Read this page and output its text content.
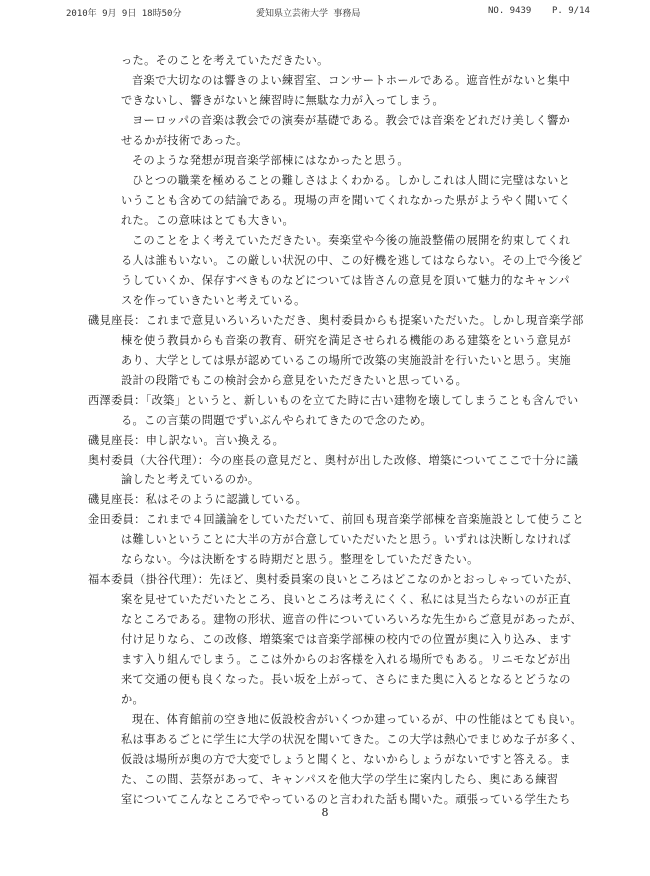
2010年 9月 9日 18時50分	愛知県立芸術大学 事務局	NO. 9439 P. 9/14
った。そのことを考えていただきたい。
音楽で大切なのは響きのよい練習室、コンサートホールである。遮音性がないと集中
できないし、響きがないと練習時に無駄な力が入ってしまう。
ヨーロッパの音楽は教会での演奏が基礎である。教会では音楽をどれだけ美しく響か
せるかが技術であった。
そのような発想が現音楽学部棟にはなかったと思う。
ひとつの職業を極めることの難しさはよくわかる。しかしこれは人間に完璧はないと
いうことも含めての結論である。現場の声を聞いてくれなかった県がようやく聞いてく
れた。この意味はとても大きい。
このことをよく考えていただきたい。奏楽堂や今後の施設整備の展開を約束してくれ
る人は誰もいない。この厳しい状況の中、この好機を逃してはならない。その上で今後ど
うしていくか、保存すべきものなどについては皆さんの意見を頂いて魅力的なキャンパ
スを作っていきたいと考えている。
磯見座長：これまで意見いろいろいただき、奥村委員からも提案いただいた。しかし現音楽学部
棟を使う教員からも音楽の教育、研究を満足させられる機能のある建築をという意見が
あり、大学としては県が認めているこの場所で改築の実施設計を行いたいと思う。実施
設計の段階でもこの検討会から意見をいただきたいと思っている。
西澤委員：「改築」というと、新しいものを立てた時に古い建物を壊してしまうことも含んでい
る。この言葉の問題でずいぶんやられてきたので念のため。
磯見座長：申し訳ない。言い換える。
奥村委員（大谷代理）：今の座長の意見だと、奥村が出した改修、増築についてここで十分に議
論したと考えているのか。
磯見座長：私はそのように認識している。
金田委員：これまで４回議論をしていただいて、前回も現音楽学部棟を音楽施設として使うこと
は難しいということに大半の方が合意していただいたと思う。いずれは決断しなければ
ならない。今は決断をする時期だと思う。整理をしていただきたい。
福本委員（掛谷代理）：先ほど、奥村委員案の良いところはどこなのかとおっしゃっていたが、
案を見せていただいたところ、良いところは考えにくく、私には見当たらないのが正直
なところである。建物の形状、遮音の件についていろいろな先生からご意見があったが、
付け足りなら、この改修、増築案では音楽学部棟の校内での位置が奥に入り込み、ます
ます入り組んでしまう。ここは外からのお客様を入れる場所でもある。リニモなどが出
来て交通の便も良くなった。長い坂を上がって、さらにまた奥に入るとなるとどうなの
か。
現在、体育館前の空き地に仮設校舎がいくつか建っているが、中の性能はとても良い。
私は事あるごとに学生に大学の状況を聞いてきた。この大学は熱心でまじめな子が多く、
仮設は場所が奥の方で大変でしょうと聞くと、ないからしょうがないですと答える。ま
た、この間、芸祭があって、キャンパスを他大学の学生に案内したら、奥にある練習
室についてこんなところでやっているのと言われた話も聞いた。頑張っている学生たち
8
